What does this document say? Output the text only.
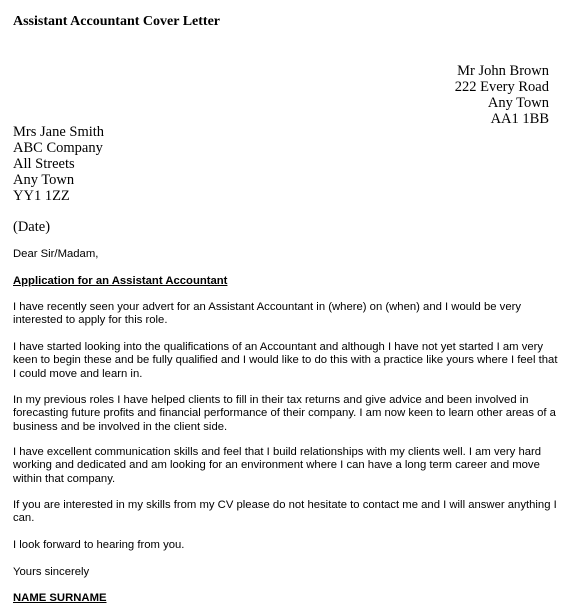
Assistant Accountant Cover Letter
Mr John Brown
222 Every Road
Any Town
AA1 1BB
Mrs Jane Smith
ABC Company
All Streets
Any Town
YY1 1ZZ
(Date)

Dear Sir/Madam,

Application for an Assistant Accountant

I have recently seen your advert for an Assistant Accountant in (where) on (when) and I would be very
interested to apply for this role.

I have started looking into the qualifications of an Accountant and although I have not yet started I am very
keen to begin these and be fully qualified and I would like to do this with a practice like yours where I feel that
I could move and learn in.

In my previous roles I have helped clients to fill in their tax returns and give advice and been involved in
forecasting future profits and financial performance of their company. I am now keen to learn other areas of a
business and be involved in the client side.

I have excellent communication skills and feel that I build relationships with my clients well. I am very hard
working and dedicated and am looking for an environment where I can have a long term career and move
within that company.

If you are interested in my skills from my CV please do not hesitate to contact me and I will answer anything I
can.

I look forward to hearing from you.

Yours sincerely

NAME SURNAME
